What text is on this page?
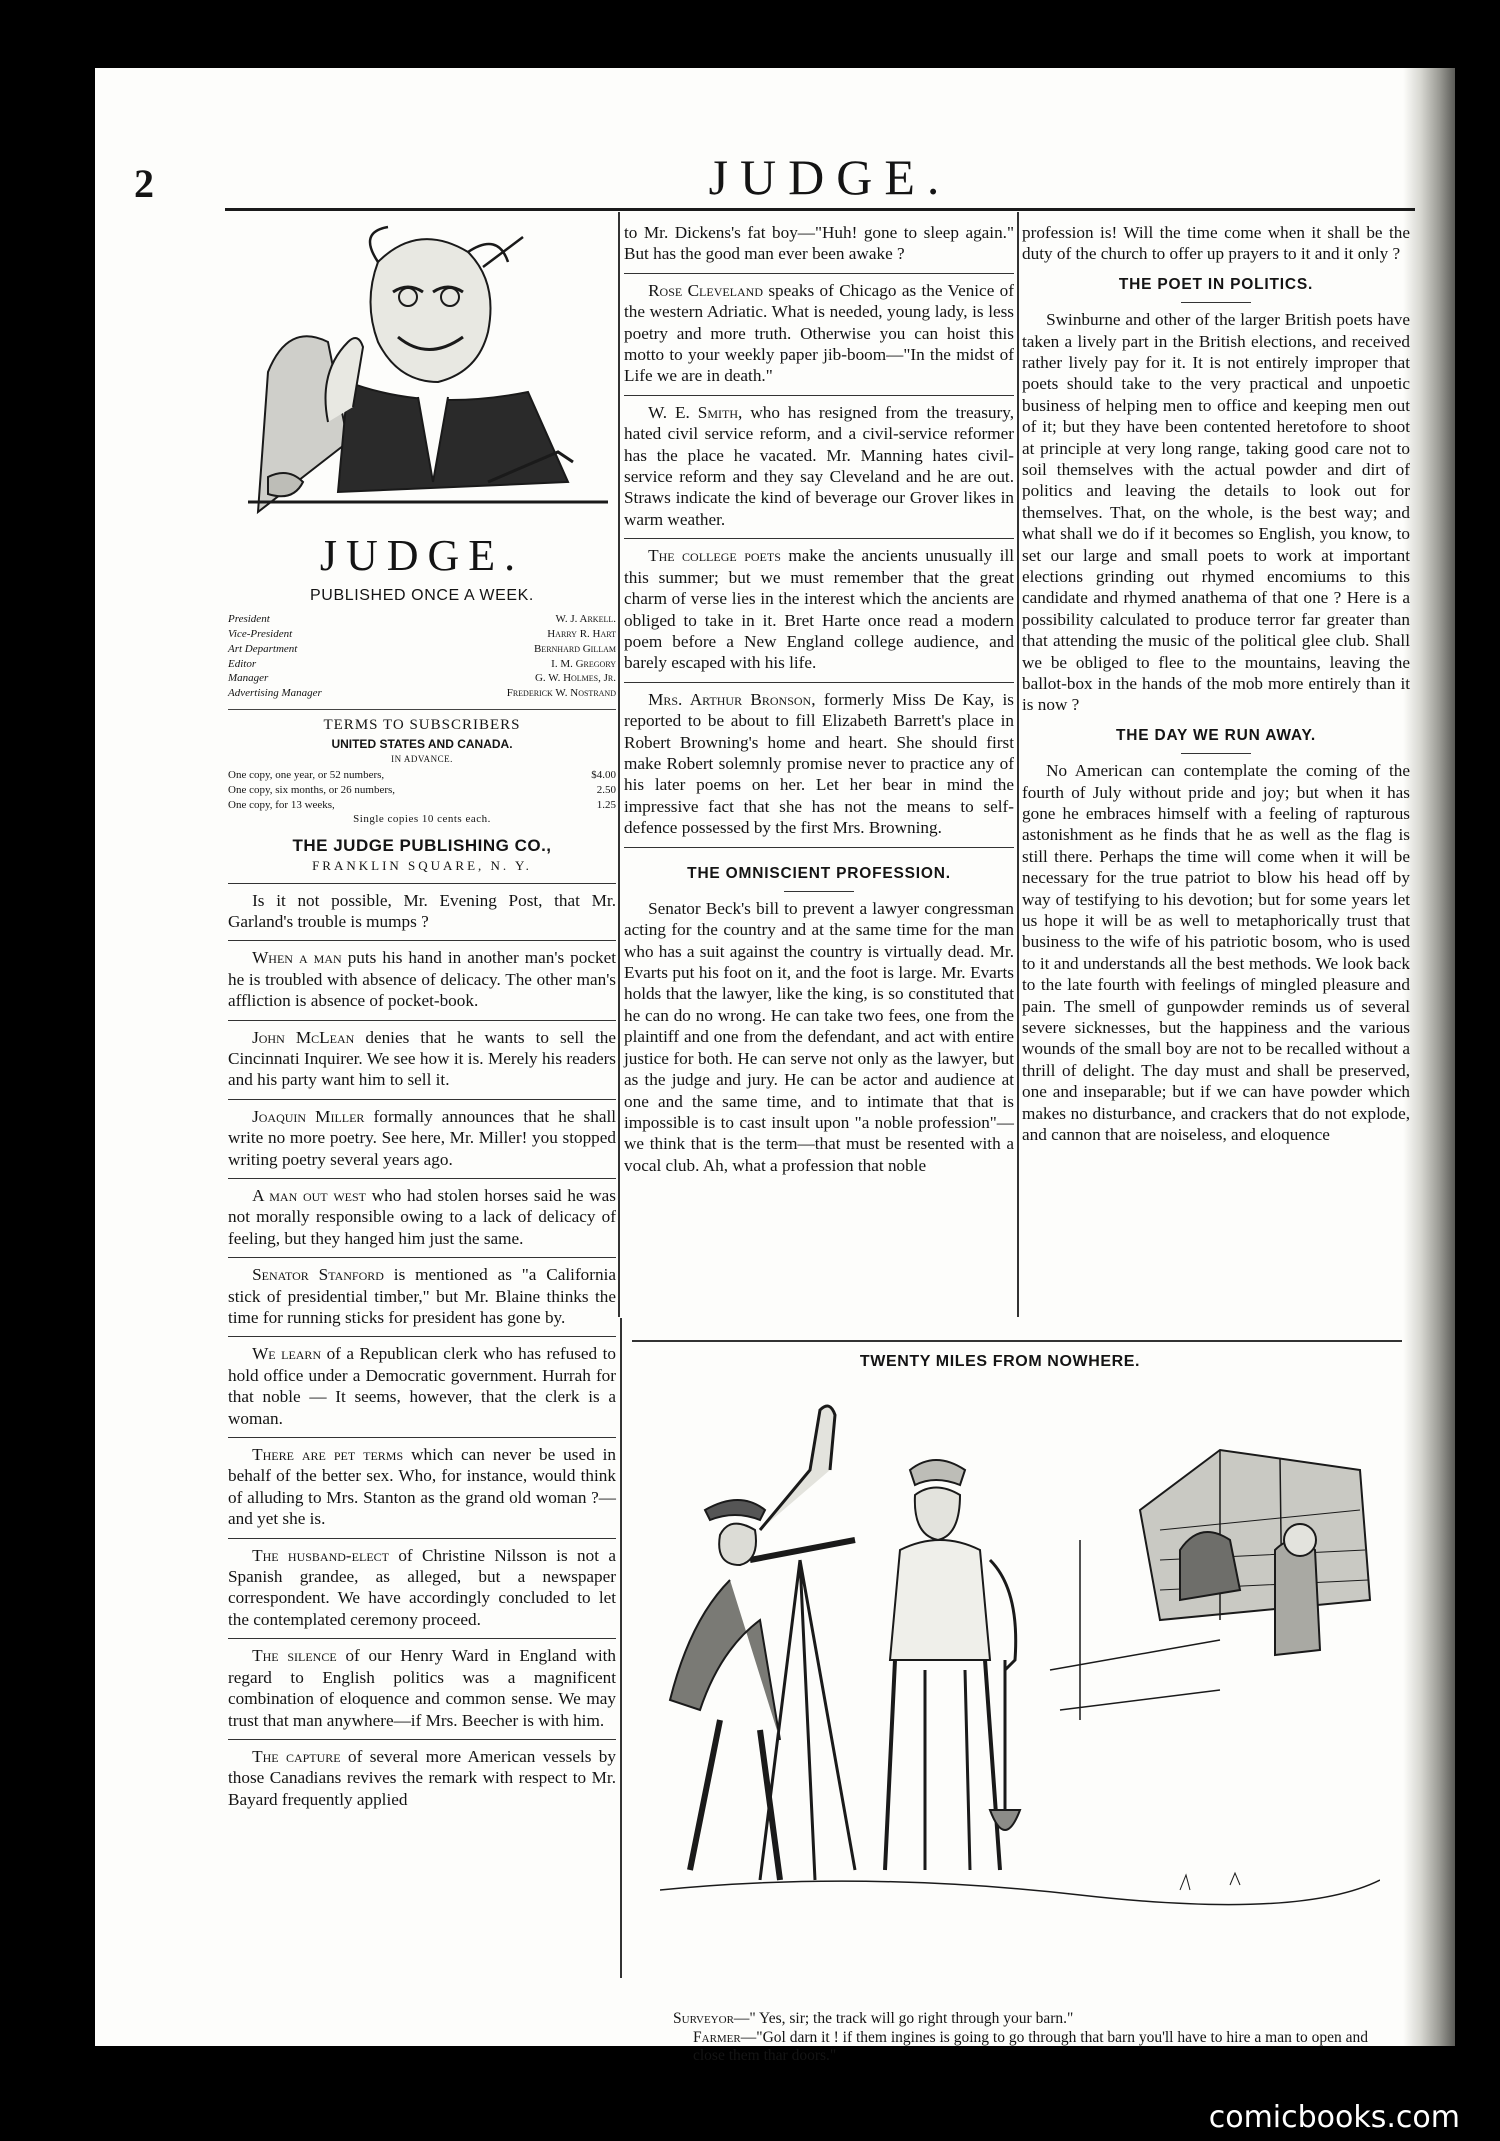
2	JUDGE.
JUDGE.
PUBLISHED ONCE A WEEK.
President	W. J. Arkell.
Vice-President	Harry R. Hart
Art Department	Bernhard Gillam
Editor	I. M. Gregory
Manager	G. W. Holmes, Jr.
Advertising Manager	Frederick W. Nostrand
TERMS TO SUBSCRIBERS
UNITED STATES AND CANADA.
IN ADVANCE.
One copy, one year, or 52 numbers,	$4.00
One copy, six months, or 26 numbers,	2.50
One copy, for 13 weeks,	1.25
Single copies 10 cents each.
THE JUDGE PUBLISHING CO.,
FRANKLIN SQUARE, N. Y.

Is it not possible, Mr. Evening Post, that Mr. Garland's trouble is mumps ?

When a man puts his hand in another man's pocket he is troubled with absence of delicacy. The other man's affliction is absence of pocket-book.

John McLean denies that he wants to sell the Cincinnati Inquirer. We see how it is. Merely his readers and his party want him to sell it.

Joaquin Miller formally announces that he shall write no more poetry. See here, Mr. Miller! you stopped writing poetry several years ago.

A man out west who had stolen horses said he was not morally responsible owing to a lack of delicacy of feeling, but they hanged him just the same.

Senator Stanford is mentioned as "a California stick of presidential timber," but Mr. Blaine thinks the time for running sticks for president has gone by.

We learn of a Republican clerk who has refused to hold office under a Democratic government. Hurrah for that noble — It seems, however, that the clerk is a woman.

There are pet terms which can never be used in behalf of the better sex. Who, for instance, would think of alluding to Mrs. Stanton as the grand old woman ?—and yet she is.

The husband-elect of Christine Nilsson is not a Spanish grandee, as alleged, but a newspaper correspondent. We have accordingly concluded to let the contemplated ceremony proceed.

The silence of our Henry Ward in England with regard to English politics was a magnificent combination of eloquence and common sense. We may trust that man anywhere—if Mrs. Beecher is with him.

The capture of several more American vessels by those Canadians revives the remark with respect to Mr. Bayard frequently applied

to Mr. Dickens's fat boy—"Huh! gone to sleep again." But has the good man ever been awake ?

Rose Cleveland speaks of Chicago as the Venice of the western Adriatic. What is needed, young lady, is less poetry and more truth. Otherwise you can hoist this motto to your weekly paper jib-boom—"In the midst of Life we are in death."

W. E. Smith, who has resigned from the treasury, hated civil service reform, and a civil-service reformer has the place he vacated. Mr. Manning hates civil-service reform and they say Cleveland and he are out. Straws indicate the kind of beverage our Grover likes in warm weather.

The college poets make the ancients unusually ill this summer; but we must remember that the great charm of verse lies in the interest which the ancients are obliged to take in it. Bret Harte once read a modern poem before a New England college audience, and barely escaped with his life.

Mrs. Arthur Bronson, formerly Miss De Kay, is reported to be about to fill Elizabeth Barrett's place in Robert Browning's home and heart. She should first make Robert solemnly promise never to practice any of his later poems on her. Let her bear in mind the impressive fact that she has not the means to self-defence possessed by the first Mrs. Browning.

THE OMNISCIENT PROFESSION.

Senator Beck's bill to prevent a lawyer congressman acting for the country and at the same time for the man who has a suit against the country is virtually dead. Mr. Evarts put his foot on it, and the foot is large. Mr. Evarts holds that the lawyer, like the king, is so constituted that he can do no wrong. He can take two fees, one from the plaintiff and one from the defendant, and act with entire justice for both. He can serve not only as the lawyer, but as the judge and jury. He can be actor and audience at one and the same time, and to intimate that that is impossible is to cast insult upon "a noble profession"—we think that is the term—that must be resented with a vocal club. Ah, what a profession that noble

profession is! Will the time come when it shall be the duty of the church to offer up prayers to it and it only ?

THE POET IN POLITICS.

Swinburne and other of the larger British poets have taken a lively part in the British elections, and received rather lively pay for it. It is not entirely improper that poets should take to the very practical and unpoetic business of helping men to office and keeping men out of it; but they have been contented heretofore to shoot at principle at very long range, taking good care not to soil themselves with the actual powder and dirt of politics and leaving the details to look out for themselves. That, on the whole, is the best way; and what shall we do if it becomes so English, you know, to set our large and small poets to work at important elections grinding out rhymed encomiums to this candidate and rhymed anathema of that one ? Here is a possibility calculated to produce terror far greater than that attending the music of the political glee club. Shall we be obliged to flee to the mountains, leaving the ballot-box in the hands of the mob more entirely than it is now ?

THE DAY WE RUN AWAY.

No American can contemplate the coming of the fourth of July without pride and joy; but when it has gone he embraces himself with a feeling of rapturous astonishment as he finds that he as well as the flag is still there. Perhaps the time will come when it will be necessary for the true patriot to blow his head off by way of testifying to his devotion; but for some years let us hope it will be as well to metaphorically trust that business to the wife of his patriotic bosom, who is used to it and understands all the best methods. We look back to the late fourth with feelings of mingled pleasure and pain. The smell of gunpowder reminds us of several severe sicknesses, but the happiness and the various wounds of the small boy are not to be recalled without a thrill of delight. The day must and shall be preserved, one and inseparable; but if we can have powder which makes no disturbance, and crackers that do not explode, and cannon that are noiseless, and eloquence

TWENTY MILES FROM NOWHERE.
Surveyor—" Yes, sir; the track will go right through your barn."
Farmer—"Gol darn it ! if them ingines is going to go through that barn you'll have to hire a man to open and close them thar doors."
comicbooks.com
